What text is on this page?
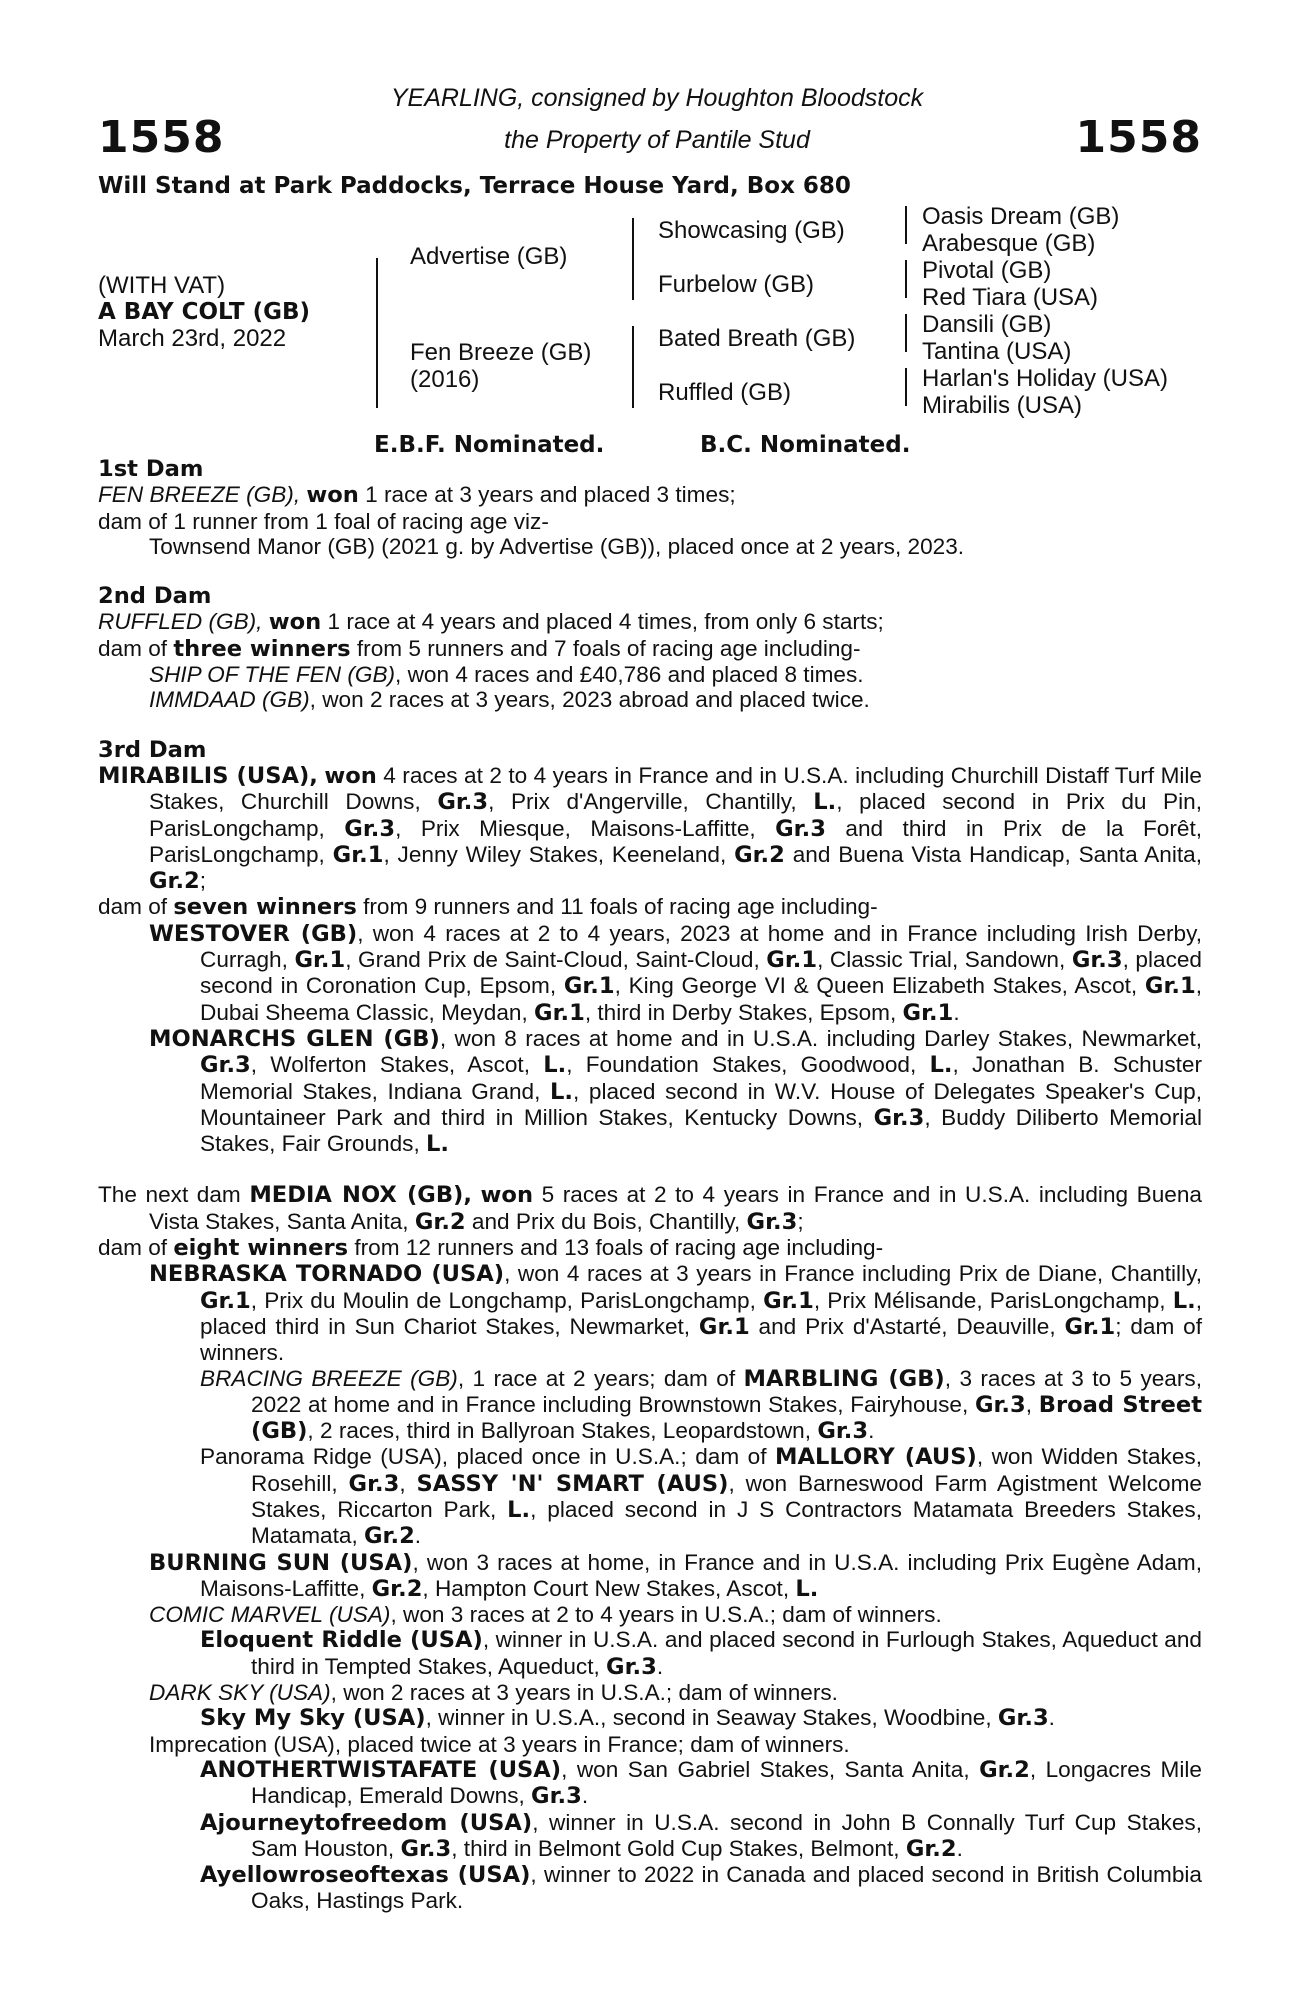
1558	1558
YEARLING, consigned by Houghton Bloodstock
the Property of Pantile Stud
Will Stand at Park Paddocks, Terrace House Yard, Box 680
(WITH VAT)
A BAY COLT (GB)
March 23rd, 2022
Advertise (GB)
Fen Breeze (GB)
(2016)
Showcasing (GB)
Furbelow (GB)
Bated Breath (GB)
Ruffled (GB)
Oasis Dream (GB)
Arabesque (GB)
Pivotal (GB)
Red Tiara (USA)
Dansili (GB)
Tantina (USA)
Harlan's Holiday (USA)
Mirabilis (USA)
E.B.F. Nominated.	B.C. Nominated.

1st Dam

FEN BREEZE (GB), won 1 race at 3 years and placed 3 times;

dam of 1 runner from 1 foal of racing age viz-

Townsend Manor (GB) (2021 g. by Advertise (GB)), placed once at 2 years, 2023.

2nd Dam

RUFFLED (GB), won 1 race at 4 years and placed 4 times, from only 6 starts;

dam of three winners from 5 runners and 7 foals of racing age including-

SHIP OF THE FEN (GB), won 4 races and £40,786 and placed 8 times.

IMMDAAD (GB), won 2 races at 3 years, 2023 abroad and placed twice.

3rd Dam

MIRABILIS (USA), won 4 races at 2 to 4 years in France and in U.S.A. including Churchill Distaff Turf Mile Stakes, Churchill Downs, Gr.3, Prix d'Angerville, Chantilly, L., placed second in Prix du Pin, ParisLongchamp, Gr.3, Prix Miesque, Maisons-Laffitte, Gr.3 and third in Prix de la Forêt, ParisLongchamp, Gr.1, Jenny Wiley Stakes, Keeneland, Gr.2 and Buena Vista Handicap, Santa Anita, Gr.2;

dam of seven winners from 9 runners and 11 foals of racing age including-

WESTOVER (GB), won 4 races at 2 to 4 years, 2023 at home and in France including Irish Derby, Curragh, Gr.1, Grand Prix de Saint-Cloud, Saint-Cloud, Gr.1, Classic Trial, Sandown, Gr.3, placed second in Coronation Cup, Epsom, Gr.1, King George VI & Queen Elizabeth Stakes, Ascot, Gr.1, Dubai Sheema Classic, Meydan, Gr.1, third in Derby Stakes, Epsom, Gr.1.

MONARCHS GLEN (GB), won 8 races at home and in U.S.A. including Darley Stakes, Newmarket, Gr.3, Wolferton Stakes, Ascot, L., Foundation Stakes, Goodwood, L., Jonathan B. Schuster Memorial Stakes, Indiana Grand, L., placed second in W.V. House of Delegates Speaker's Cup, Mountaineer Park and third in Million Stakes, Kentucky Downs, Gr.3, Buddy Diliberto Memorial Stakes, Fair Grounds, L.

The next dam MEDIA NOX (GB), won 5 races at 2 to 4 years in France and in U.S.A. including Buena Vista Stakes, Santa Anita, Gr.2 and Prix du Bois, Chantilly, Gr.3;

dam of eight winners from 12 runners and 13 foals of racing age including-

NEBRASKA TORNADO (USA), won 4 races at 3 years in France including Prix de Diane, Chantilly, Gr.1, Prix du Moulin de Longchamp, ParisLongchamp, Gr.1, Prix Mélisande, ParisLongchamp, L., placed third in Sun Chariot Stakes, Newmarket, Gr.1 and Prix d'Astarté, Deauville, Gr.1; dam of winners.

BRACING BREEZE (GB), 1 race at 2 years; dam of MARBLING (GB), 3 races at 3 to 5 years, 2022 at home and in France including Brownstown Stakes, Fairyhouse, Gr.3, Broad Street (GB), 2 races, third in Ballyroan Stakes, Leopardstown, Gr.3.

Panorama Ridge (USA), placed once in U.S.A.; dam of MALLORY (AUS), won Widden Stakes, Rosehill, Gr.3, SASSY 'N' SMART (AUS), won Barneswood Farm Agistment Welcome Stakes, Riccarton Park, L., placed second in J S Contractors Matamata Breeders Stakes, Matamata, Gr.2.

BURNING SUN (USA), won 3 races at home, in France and in U.S.A. including Prix Eugène Adam, Maisons-Laffitte, Gr.2, Hampton Court New Stakes, Ascot, L.

COMIC MARVEL (USA), won 3 races at 2 to 4 years in U.S.A.; dam of winners.

Eloquent Riddle (USA), winner in U.S.A. and placed second in Furlough Stakes, Aqueduct and third in Tempted Stakes, Aqueduct, Gr.3.

DARK SKY (USA), won 2 races at 3 years in U.S.A.; dam of winners.

Sky My Sky (USA), winner in U.S.A., second in Seaway Stakes, Woodbine, Gr.3.

Imprecation (USA), placed twice at 3 years in France; dam of winners.

ANOTHERTWISTAFATE (USA), won San Gabriel Stakes, Santa Anita, Gr.2, Longacres Mile Handicap, Emerald Downs, Gr.3.

Ajourneytofreedom (USA), winner in U.S.A. second in John B Connally Turf Cup Stakes, Sam Houston, Gr.3, third in Belmont Gold Cup Stakes, Belmont, Gr.2.

Ayellowroseoftexas (USA), winner to 2022 in Canada and placed second in British Columbia Oaks, Hastings Park.
